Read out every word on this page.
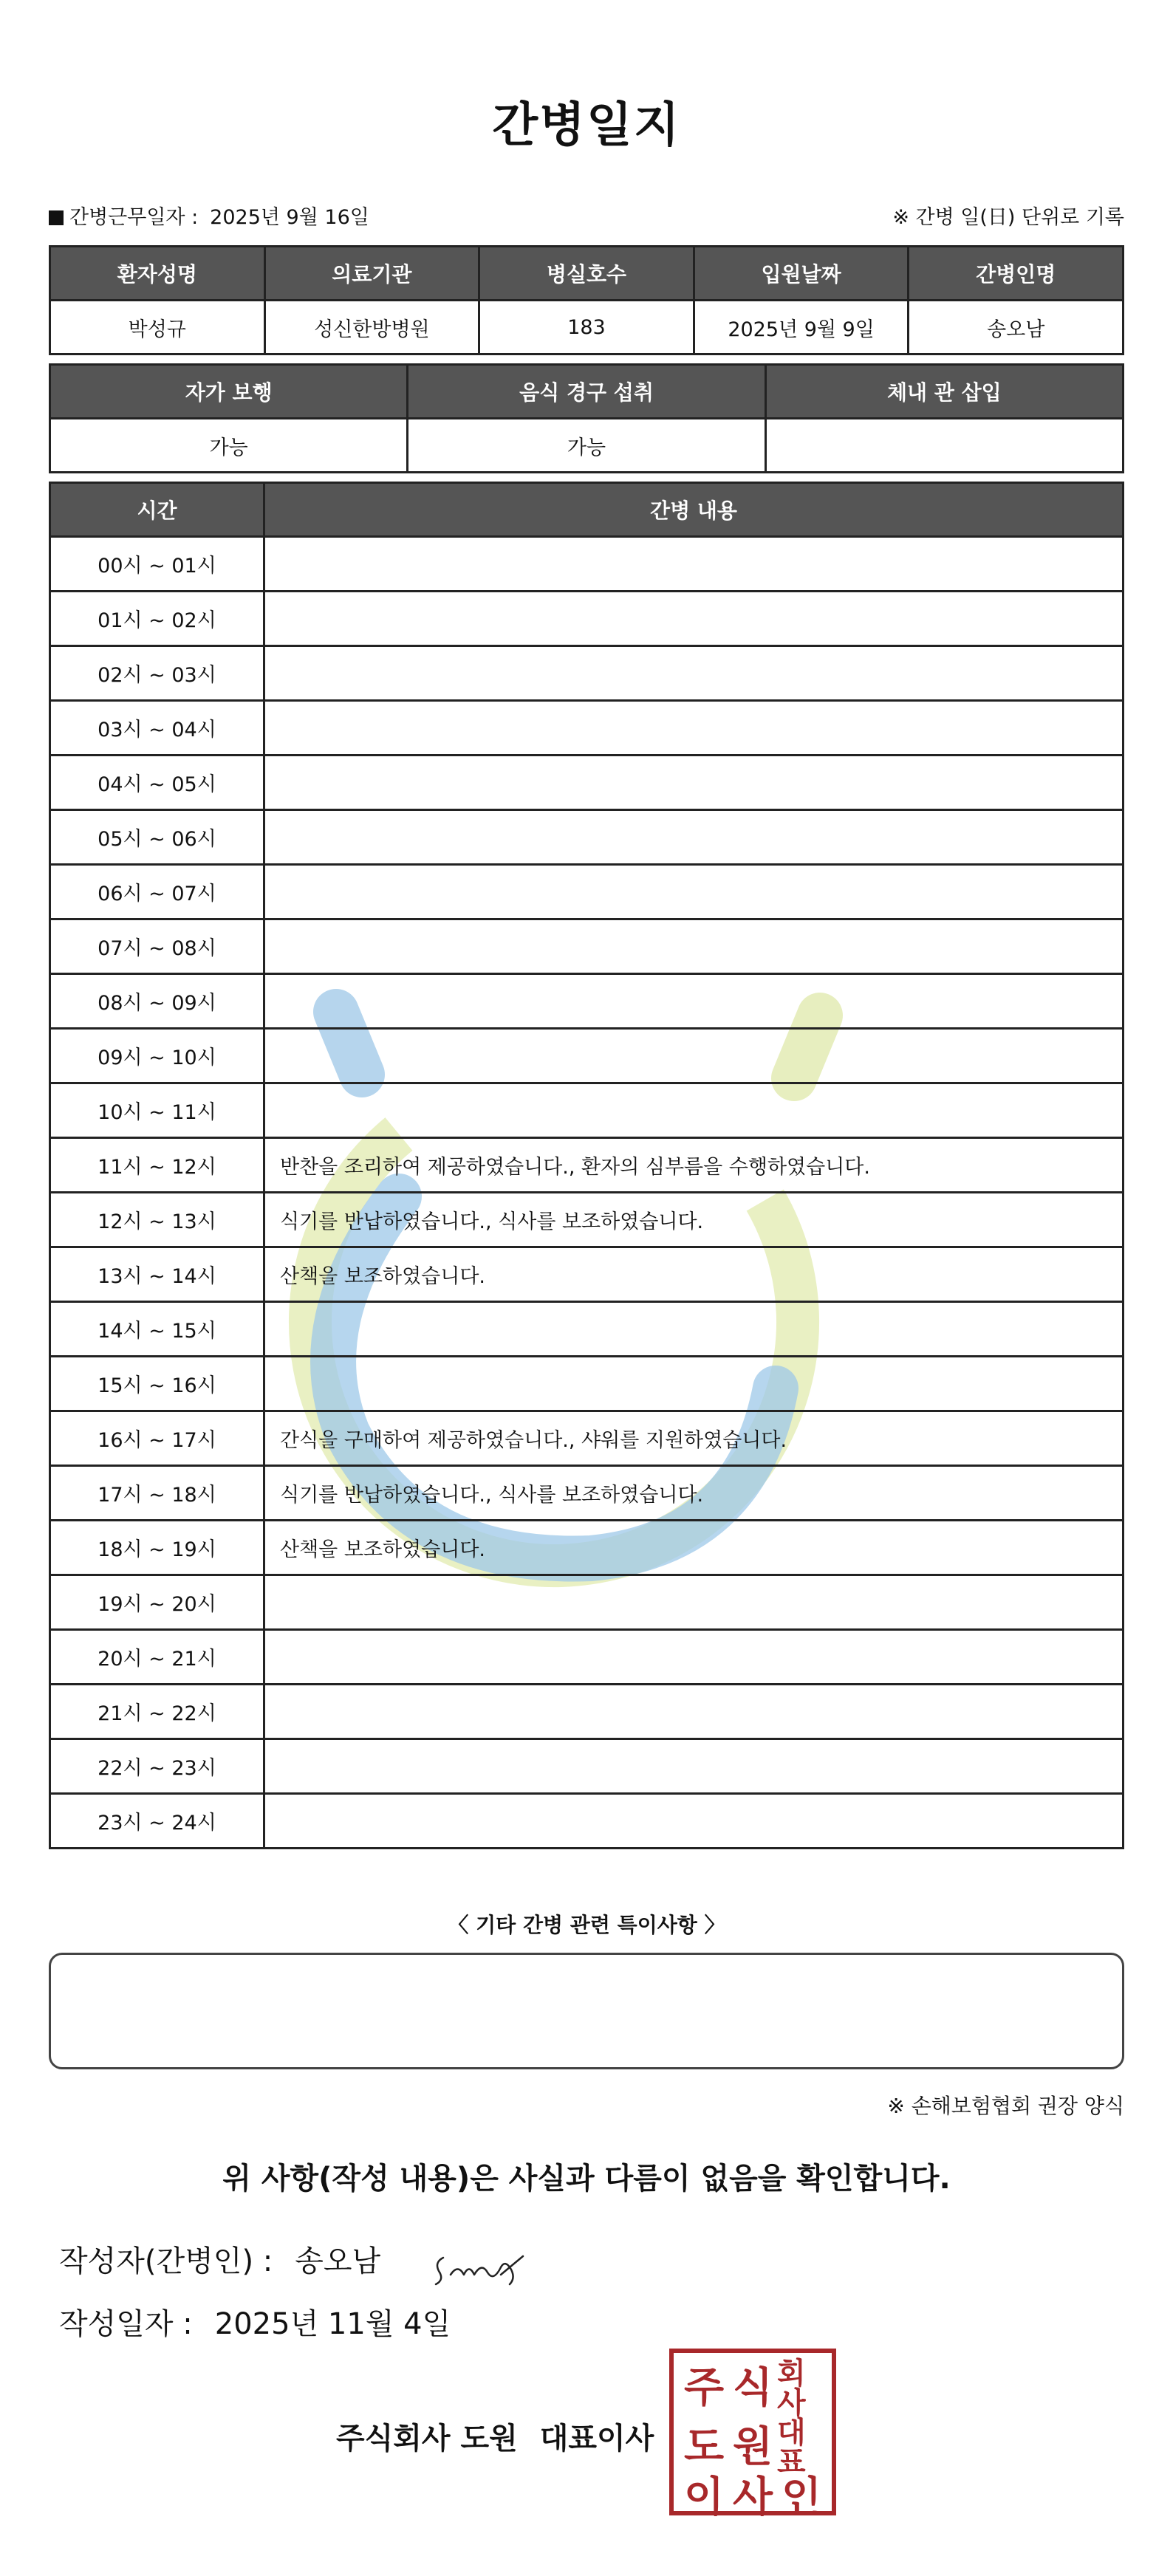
간병일지
간병근무일자 : 2025년 9월 16일	※ 간병 일(日) 단위로 기록
환자성명	의료기관	병실호수	입원날짜	간병인명
박성규	성신한방병원	183	2025년 9월 9일	송오남
자가 보행	음식 경구 섭취	체내 관 삽입
가능	가능	
시간	간병 내용
00시 ~ 01시	
01시 ~ 02시	
02시 ~ 03시	
03시 ~ 04시	
04시 ~ 05시	
05시 ~ 06시	
06시 ~ 07시	
07시 ~ 08시	
08시 ~ 09시	
09시 ~ 10시	
10시 ~ 11시	
11시 ~ 12시	반찬을 조리하여 제공하였습니다., 환자의 심부름을 수행하였습니다.
12시 ~ 13시	식기를 반납하였습니다., 식사를 보조하였습니다.
13시 ~ 14시	산책을 보조하였습니다.
14시 ~ 15시	
15시 ~ 16시	
16시 ~ 17시	간식을 구매하여 제공하였습니다., 샤워를 지원하였습니다.
17시 ~ 18시	식기를 반납하였습니다., 식사를 보조하였습니다.
18시 ~ 19시	산책을 보조하였습니다.
19시 ~ 20시	
20시 ~ 21시	
21시 ~ 22시	
22시 ~ 23시	
23시 ~ 24시	
〈 기타 간병 관련 특이사항 〉
※ 손해보험협회 권장 양식
위 사항(작성 내용)은 사실과 다름이 없음을 확인합니다.
작성자(간병인) : 송오남
작성일자 : 2025년 11월 4일
주식회사 도원 대표이사
주 식 회사
도 원 대표
이 사 인
